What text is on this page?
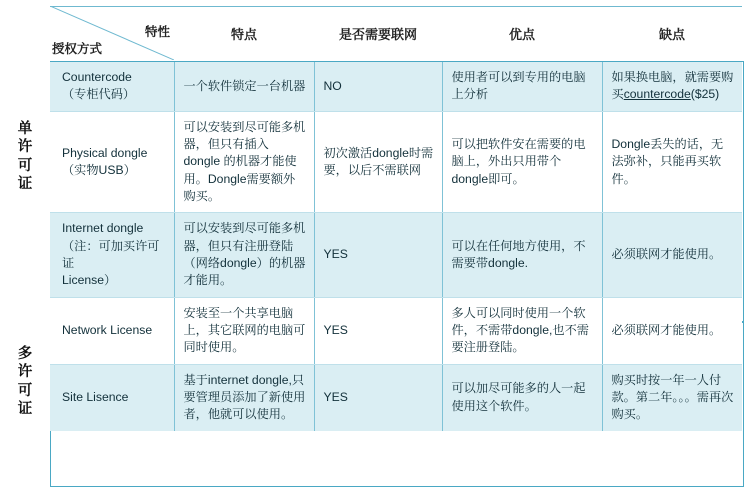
特性
授权方式
特点	是否需要联网	优点	缺点
单
许
可
证
多
许
可
证
Countercode
（专柜代码）	一个软件锁定一台机器	NO	使用者可以到专用的电脑上分析	如果换电脑，就需要购买countercode($25)

Physical dongle
（实物USB）	可以安装到尽可能多机器，但只有插入 dongle 的机器才能使用。Dongle需要额外购买。	初次激活dongle时需要，以后不需联网	可以把软件安在需要的电脑上，外出只用带个dongle即可。	Dongle丢失的话，无法弥补，只能再买软件。

Internet dongle
（注：可加买许可证
License）	可以安装到尽可能多机器，但只有注册登陆（网络dongle）的机器才能用。	YES	可以在任何地方使用，不需要带dongle.	必须联网才能使用。

Network License	安装至一个共享电脑上，其它联网的电脑可同时使用。	YES	多人可以同时使用一个软件，不需带dongle,也不需要注册登陆。	必须联网才能使用。

Site Lisence	基于internet dongle,只要管理员添加了新使用者，他就可以使用。	YES	可以加尽可能多的人一起使用这个软件。	购买时按一年一人付款。第二年。。。需再次购买。
